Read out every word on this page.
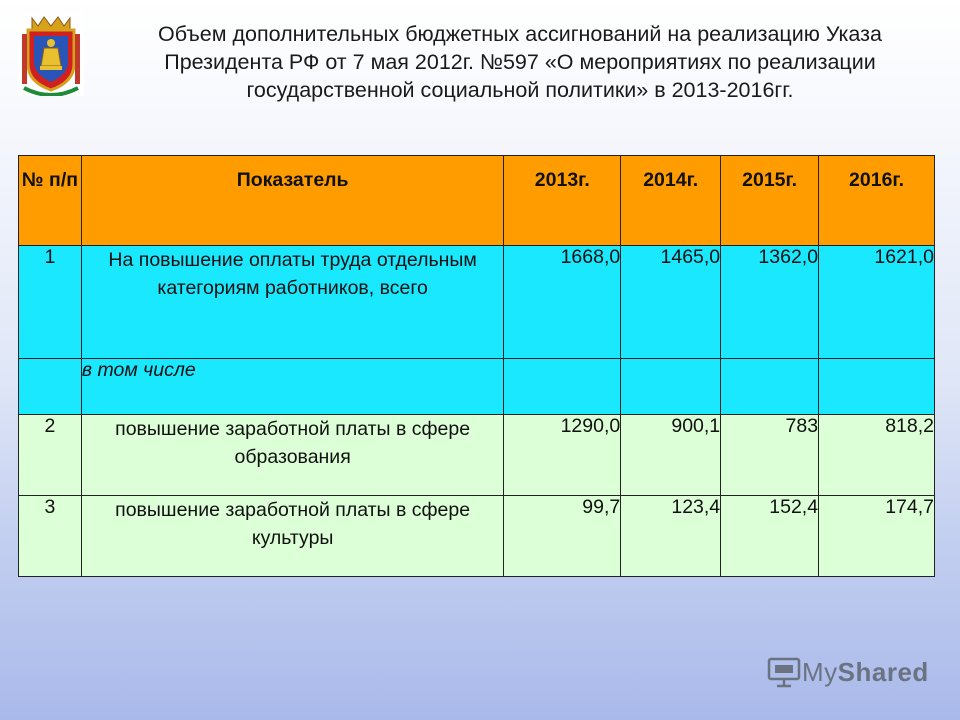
Объем дополнительных бюджетных ассигнований на реализацию Указа Президента РФ от 7 мая 2012г. №597 «О мероприятиях по реализации государственной социальной политики» в 2013-2016гг.
№ п/п	Показатель	2013г.	2014г.	2015г.	2016г.
1	На повышение оплаты труда отдельным категориям работников, всего	1668,0	1465,0	1362,0	1621,0
	в том числе				
2	повышение заработной платы в сфере образования	1290,0	900,1	783	818,2
3	повышение заработной платы в сфере культуры	99,7	123,4	152,4	174,7
MyShared
